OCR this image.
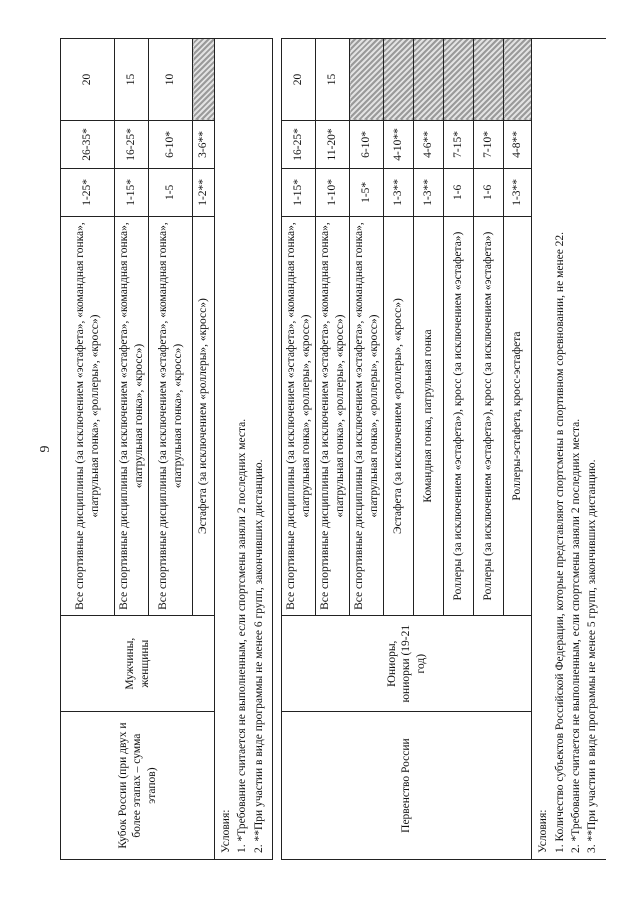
9
Кубок России (при двух и более этапах – сумма этапов)	Мужчины, женщины	Все спортивные дисциплины (за исключением «эстафета», «командная гонка», «патрульная гонка», «роллеры», «кросс»)	1-25*	26-35*	20
		Все спортивные дисциплины (за исключением «эстафета», «командная гонка», «патрульная гонка», «кросс»)	1-15*	16-25*	15
		Все спортивные дисциплины (за исключением «эстафета», «командная гонка», «патрульная гонка», «кросс»)	1-5	6-10*	10
		Эстафета (за исключением «роллеры», «кросс»)	1-2**	3-6**	

Условия: 1. *Требование считается не выполненным, если спортсмены заняли 2 последних места. 2. **При участии в виде программы не менее 6 групп, закончивших дистанцию.					

Первенство России	Юниоры, юниорки (19-21 год)	Все спортивные дисциплины (за исключением «эстафета», «командная гонка», «патрульная гонка», «роллеры», «кросс»)	1-15*	16-25*	20
		Все спортивные дисциплины (за исключением «эстафета», «командная гонка», «патрульная гонка», «роллеры», «кросс»)	1-10*	11-20*	15
		Все спортивные дисциплины (за исключением «эстафета», «командная гонка», «патрульная гонка», «роллеры», «кросс»)	1-5*	6-10*	
		Эстафета (за исключением «роллеры», «кросс»)	1-3**	4-10**	
		Командная гонка, патрульная гонка	1-3**	4-6**	
		Роллеры (за исключением «эстафета»), кросс (за исключением «эстафета»)	1-6	7-15*	
		Роллеры (за исключением «эстафета»), кросс (за исключением «эстафета»)	1-6	7-10*	
		Роллеры-эстафета, кросс-эстафета	1-3**	4-8**	

Условия: 1. Количество субъектов Российской Федерации, которые представляют спортсмены в спортивном соревновании, не менее 22. 2. *Требование считается не выполненным, если спортсмены заняли 2 последних места. 3. **При участии в виде программы не менее 5 групп, закончивших дистанцию.					
